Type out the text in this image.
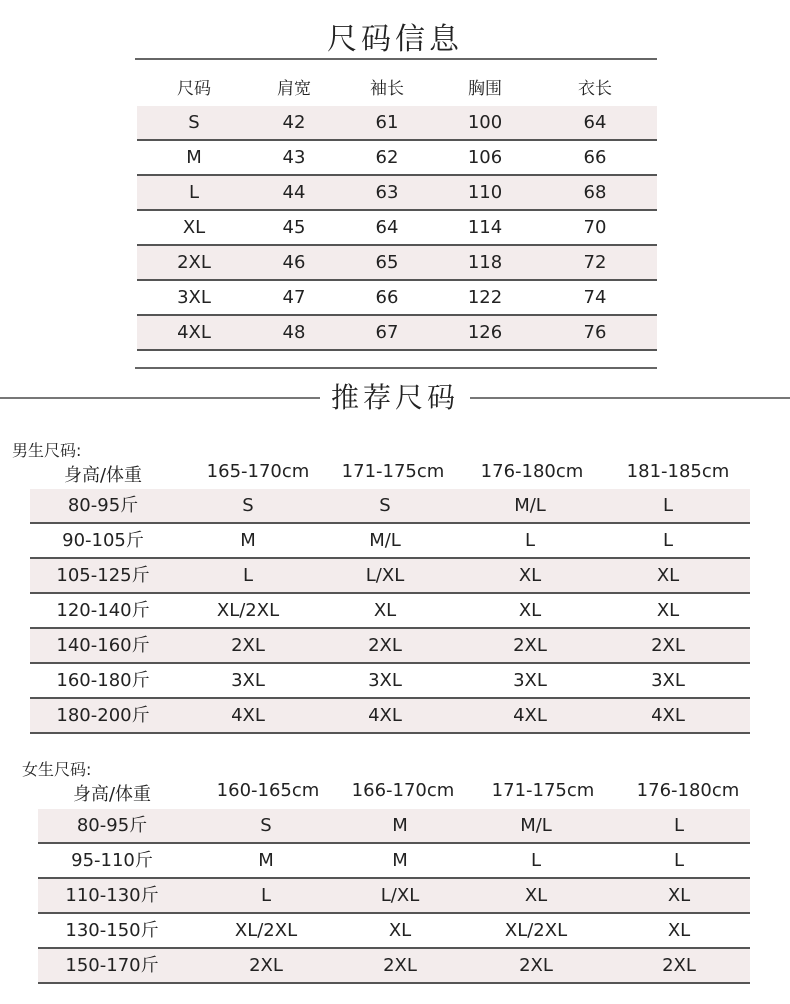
尺码信息
尺码	肩宽	袖长	胸围	衣长
S	42	61	100	64
M	43	62	106	66
L	44	63	110	68
XL	45	64	114	70
2XL	46	65	118	72
3XL	47	66	122	74
4XL	48	67	126	76
推荐尺码
男生尺码:
身高/体重	165-170cm 171-175cm 176-180cm 181-185cm
80-95斤	S	S	M/L	L
90-105斤	M	M/L	L	L
105-125斤	L	L/XL	XL	XL
120-140斤	XL/2XL	XL	XL	XL
140-160斤	2XL	2XL	2XL	2XL
160-180斤	3XL	3XL	3XL	3XL
180-200斤	4XL	4XL	4XL	4XL
女生尺码:
身高/体重	160-165cm 166-170cm 171-175cm 176-180cm
80-95斤	S	M	M/L	L
95-110斤	M	M	L	L
110-130斤	L	L/XL	XL	XL
130-150斤	XL/2XL	XL	XL/2XL	XL
150-170斤	2XL	2XL	2XL	2XL
